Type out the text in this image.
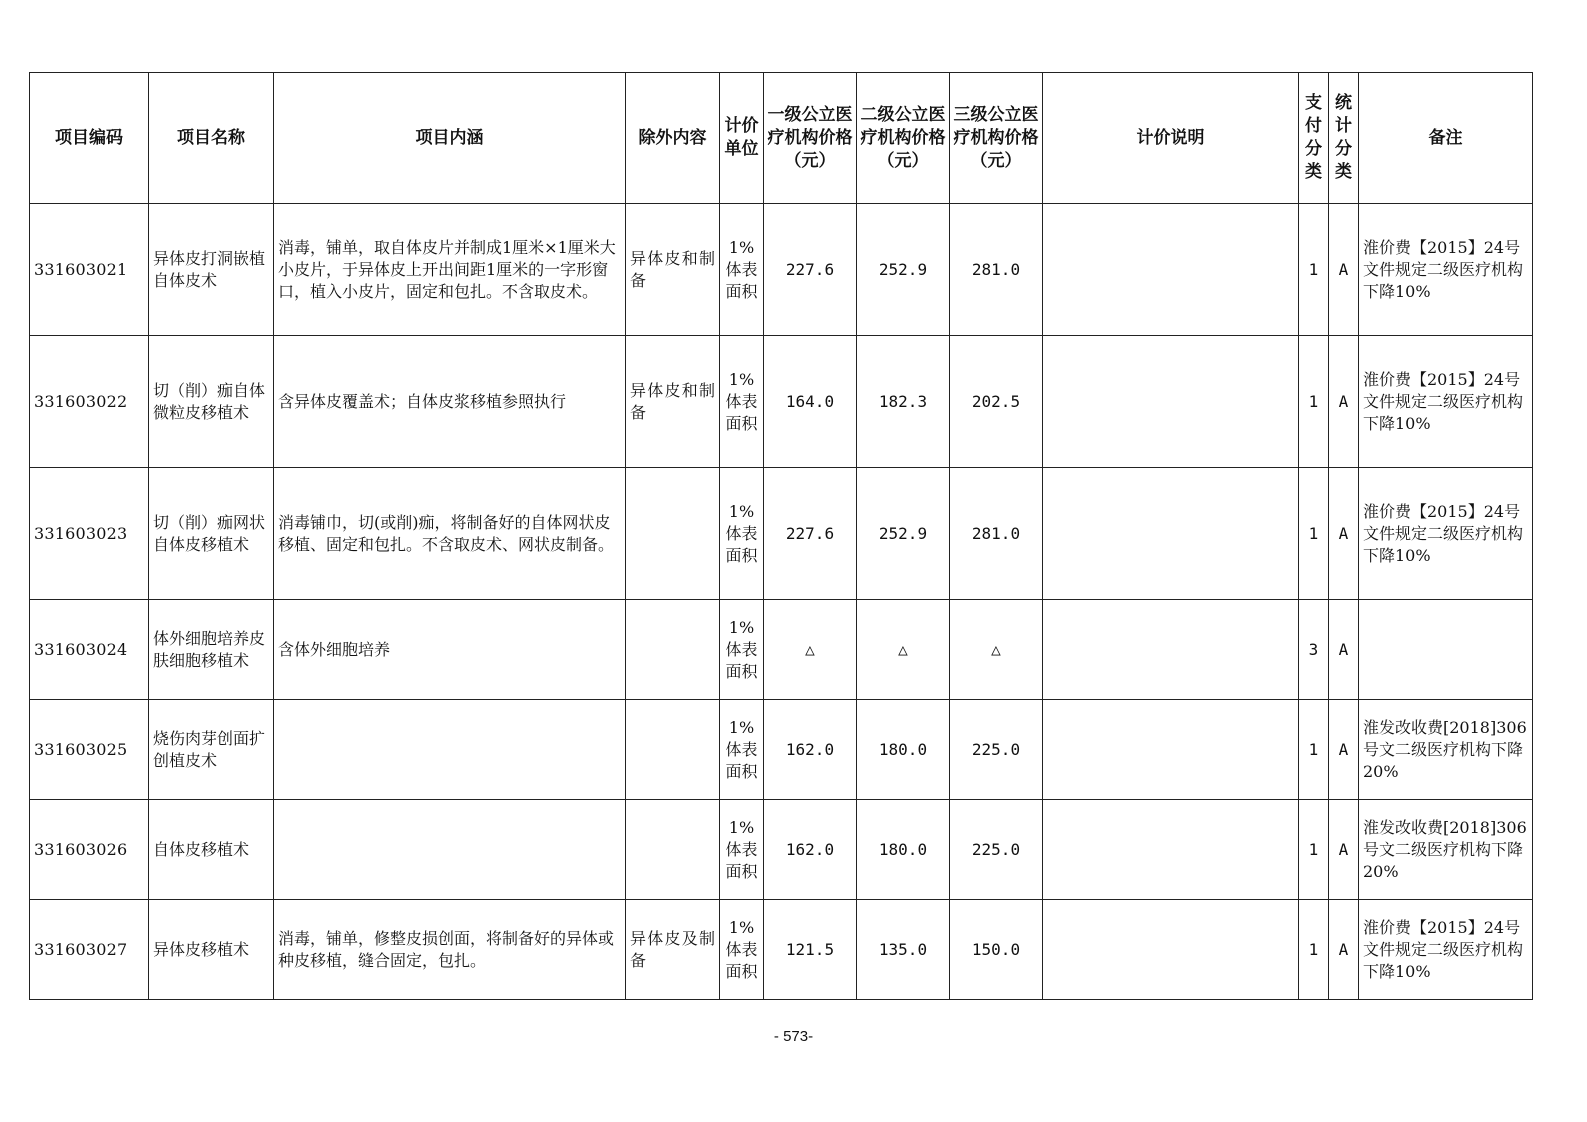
项目编码	项目名称	项目内涵	除外内容	计价单位	一级公立医疗机构价格（元）	二级公立医疗机构价格（元）	三级公立医疗机构价格（元）	计价说明	支付分类	统计分类	备注
331603021	异体皮打洞嵌植自体皮术	消毒，铺单，取自体皮片并制成1厘米×1厘米大小皮片，于异体皮上开出间距1厘米的一字形窗口，植入小皮片，固定和包扎。不含取皮术。	异体皮和制备	1%体表面积	227.6	252.9	281.0		1	A	淮价费【2015】24号文件规定二级医疗机构下降10%
331603022	切（削）痂自体微粒皮移植术	含异体皮覆盖术；自体皮浆移植参照执行	异体皮和制备	1%体表面积	164.0	182.3	202.5		1	A	淮价费【2015】24号文件规定二级医疗机构下降10%
331603023	切（削）痂网状自体皮移植术	消毒铺巾，切(或削)痂，将制备好的自体网状皮移植、固定和包扎。不含取皮术、网状皮制备。		1%体表面积	227.6	252.9	281.0		1	A	淮价费【2015】24号文件规定二级医疗机构下降10%
331603024	体外细胞培养皮肤细胞移植术	含体外细胞培养		1%体表面积	△	△	△		3	A	
331603025	烧伤肉芽创面扩创植皮术			1%体表面积	162.0	180.0	225.0		1	A	淮发改收费[2018]306号文二级医疗机构下降20%
331603026	自体皮移植术			1%体表面积	162.0	180.0	225.0		1	A	淮发改收费[2018]306号文二级医疗机构下降20%
331603027	异体皮移植术	消毒，铺单，修整皮损创面，将制备好的异体或种皮移植，缝合固定，包扎。	异体皮及制备	1%体表面积	121.5	135.0	150.0		1	A	淮价费【2015】24号文件规定二级医疗机构下降10%
- 573-
